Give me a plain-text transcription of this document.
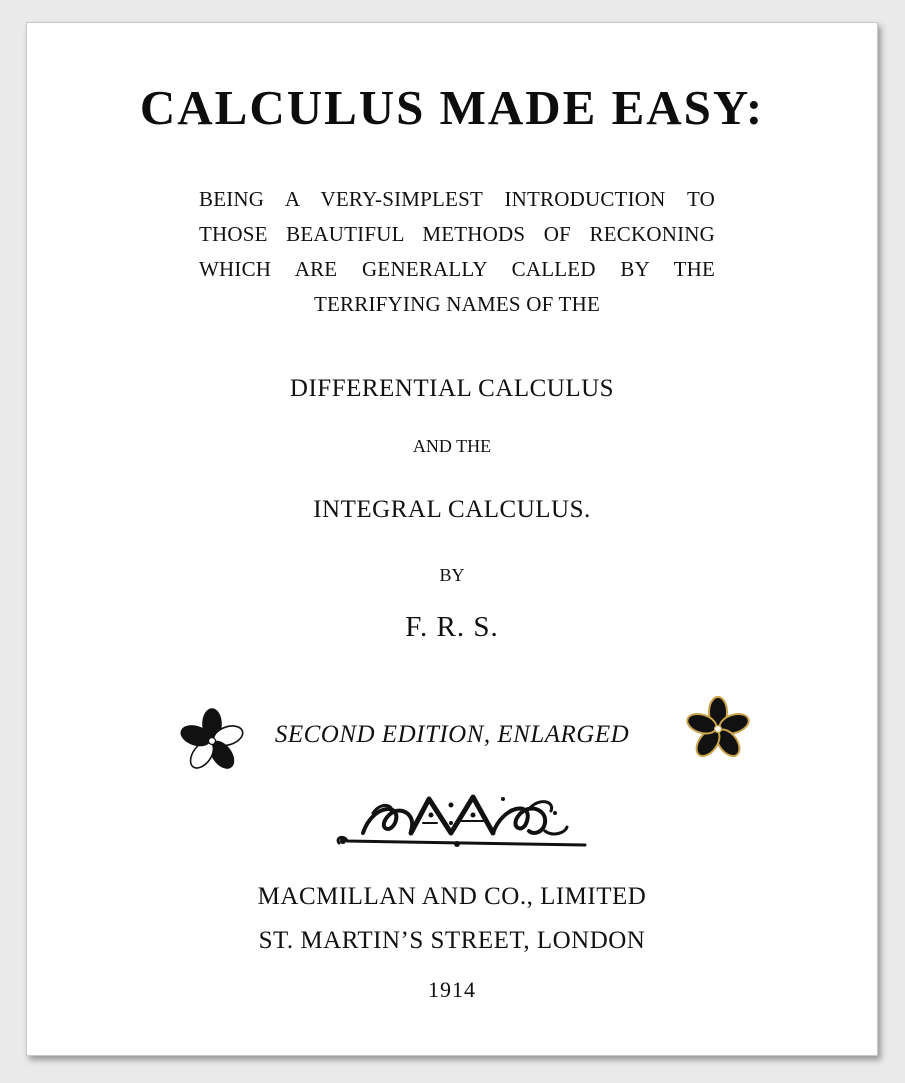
CALCULUS MADE EASY:
BEING A VERY-SIMPLEST INTRODUCTION TO
THOSE BEAUTIFUL METHODS OF RECKONING
WHICH ARE GENERALLY CALLED BY THE
TERRIFYING NAMES OF THE
DIFFERENTIAL CALCULUS
AND THE
INTEGRAL CALCULUS.
BY
F. R. S.
SECOND EDITION, ENLARGED
MACMILLAN AND CO., LIMITED
ST. MARTIN’S STREET, LONDON
1914
